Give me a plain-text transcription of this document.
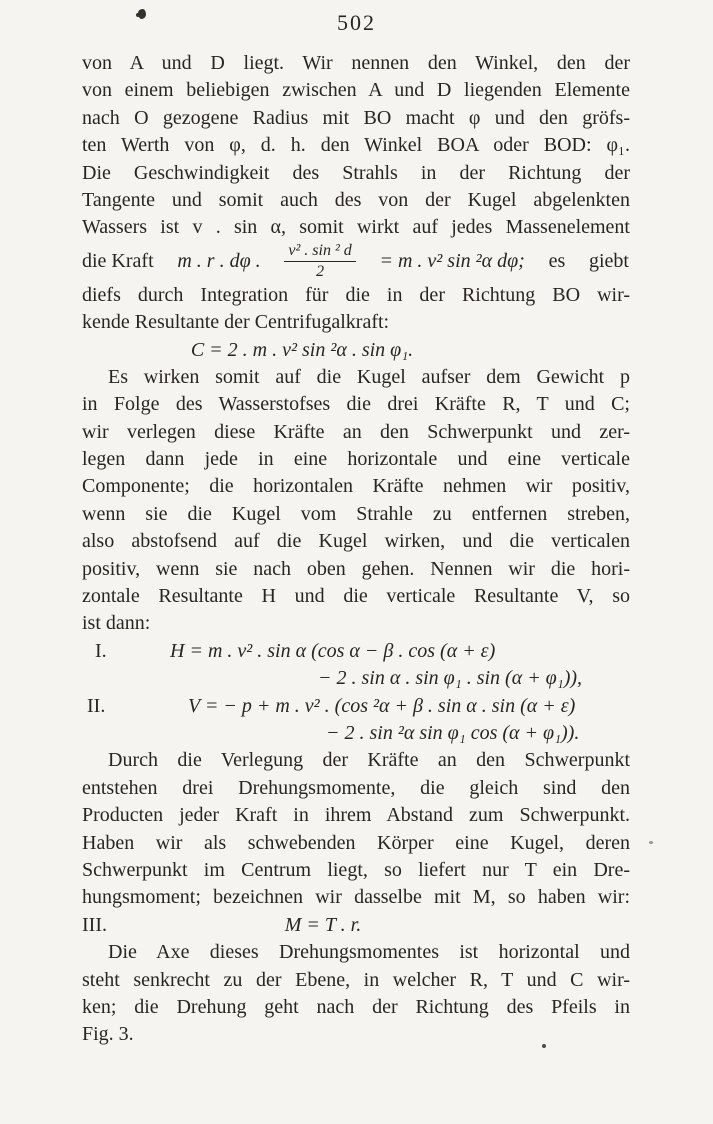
502
von A und D liegt. Wir nennen den Winkel, den der
von einem beliebigen zwischen A und D liegenden Elemente
nach O gezogene Radius mit BO macht φ und den gröfs-
ten Werth von φ, d. h. den Winkel BOA oder BOD: φ₁.
Die Geschwindigkeit des Strahls in der Richtung der
Tangente und somit auch des von der Kugel abgelenkten
Wassers ist v . sin α, somit wirkt auf jedes Massenelement
die Kraft m . r . dφ . $\frac{\text{v² . sin ² d}}{2} = m$ . v² sin ²α dφ; es giebt
diefs durch Integration für die in der Richtung BO wir-
kende Resultante der Centrifugalkraft:
C = 2 . m . v² sin ²α . sin φ₁.
Es wirken somit auf die Kugel aufser dem Gewicht p
in Folge des Wasserstofses die drei Kräfte R, T und C;
wir verlegen diese Kräfte an den Schwerpunkt und zer-
legen dann jede in eine horizontale und eine verticale
Componente; die horizontalen Kräfte nehmen wir positiv,
wenn sie die Kugel vom Strahle zu entfernen streben,
also abstofsend auf die Kugel wirken, und die verticalen
positiv, wenn sie nach oben gehen. Nennen wir die hori-
zontale Resultante H und die verticale Resultante V, so
ist dann:
I.	H = m . v² . sin α (cos α − β . cos (α + ε)
− 2 . sin α . sin φ₁ . sin (α + φ₁)),
II.	V = − p + m . v² . (cos ²α + β . sin α . sin (α + ε)
− 2 . sin ²α sin φ₁ cos (α + φ₁)).
Durch die Verlegung der Kräfte an den Schwerpunkt
entstehen drei Drehungsmomente, die gleich sind den
Producten jeder Kraft in ihrem Abstand zum Schwerpunkt.
Haben wir als schwebenden Körper eine Kugel, deren
Schwerpunkt im Centrum liegt, so liefert nur T ein Dre-
hungsmoment; bezeichnen wir dasselbe mit M, so haben wir:
III.	M = T . r.
Die Axe dieses Drehungsmomentes ist horizontal und
steht senkrecht zu der Ebene, in welcher R, T und C wir-
ken; die Drehung geht nach der Richtung des Pfeils in
Fig. 3.
